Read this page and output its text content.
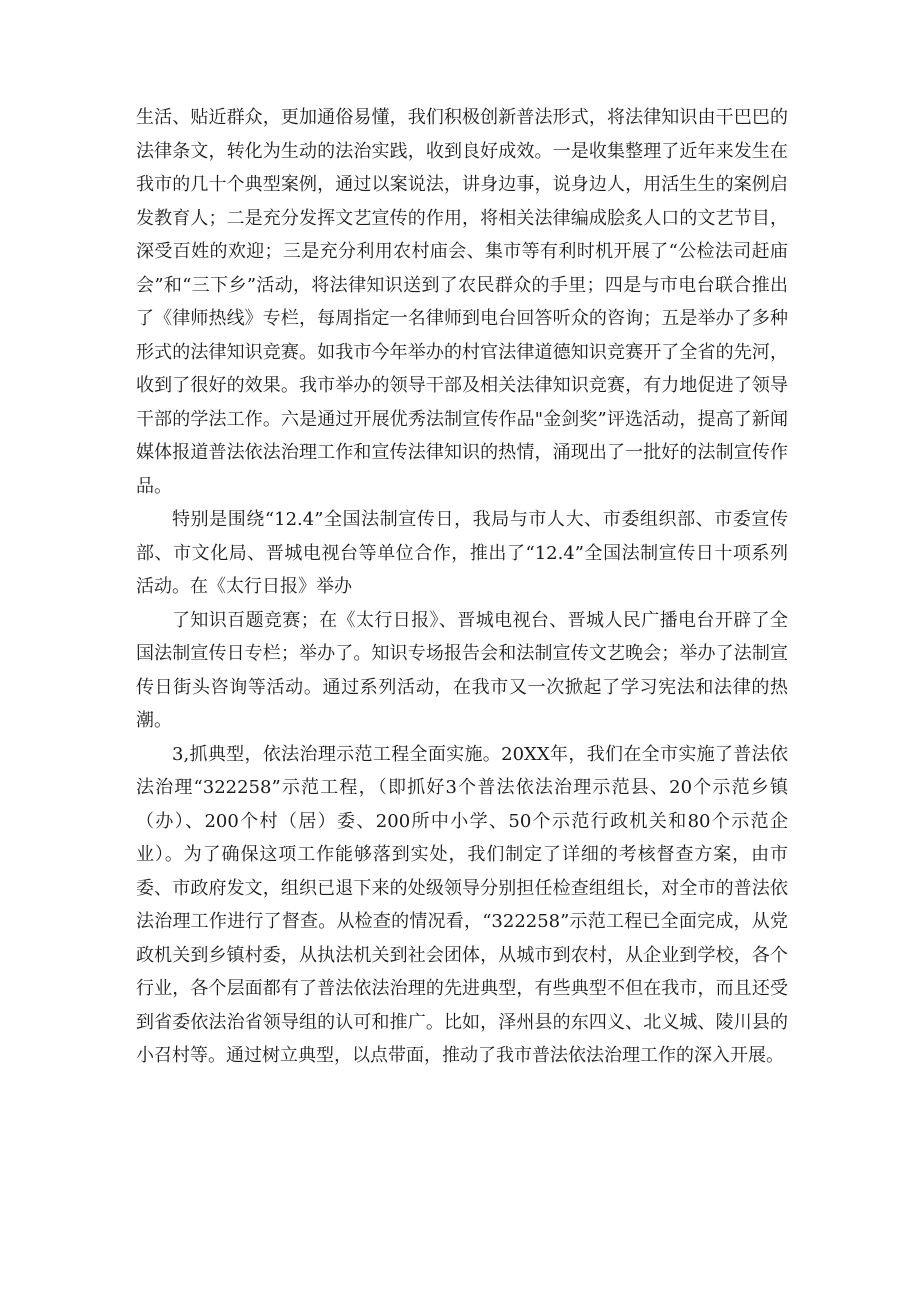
生活、贴近群众，更加通俗易懂，我们积极创新普法形式，将法律知识由干巴巴的法律条文，转化为生动的法治实践，收到良好成效。一是收集整理了近年来发生在我市的几十个典型案例，通过以案说法，讲身边事，说身边人，用活生生的案例启发教育人；二是充分发挥文艺宣传的作用，将相关法律编成脍炙人口的文艺节目，深受百姓的欢迎；三是充分利用农村庙会、集市等有利时机开展了“公检法司赶庙会”和“三下乡”活动，将法律知识送到了农民群众的手里；四是与市电台联合推出了《律师热线》专栏，每周指定一名律师到电台回答听众的咨询；五是举办了多种形式的法律知识竞赛。如我市今年举办的村官法律道德知识竞赛开了全省的先河，收到了很好的效果。我市举办的领导干部及相关法律知识竞赛，有力地促进了领导干部的学法工作。六是通过开展优秀法制宣传作品"金剑奖”评选活动，提高了新闻媒体报道普法依法治理工作和宣传法律知识的热情，涌现出了一批好的法制宣传作品。

特别是围绕“12.4”全国法制宣传日，我局与市人大、市委组织部、市委宣传部、市文化局、晋城电视台等单位合作，推出了“12.4”全国法制宣传日十项系列活动。在《太行日报》举办

了知识百题竞赛；在《太行日报》、晋城电视台、晋城人民广播电台开辟了全国法制宣传日专栏；举办了。知识专场报告会和法制宣传文艺晚会；举办了法制宣传日街头咨询等活动。通过系列活动，在我市又一次掀起了学习宪法和法律的热潮。

3,抓典型，依法治理示范工程全面实施。20XX年，我们在全市实施了普法依法治理“322258”示范工程，（即抓好3个普法依法治理示范县、20个示范乡镇（办）、200个村（居）委、200所中小学、50个示范行政机关和80个示范企业）。为了确保这项工作能够落到实处，我们制定了详细的考核督查方案，由市委、市政府发文，组织已退下来的处级领导分别担任检查组组长，对全市的普法依法治理工作进行了督查。从检查的情况看，“322258”示范工程已全面完成，从党政机关到乡镇村委，从执法机关到社会团体，从城市到农村，从企业到学校，各个行业，各个层面都有了普法依法治理的先进典型，有些典型不但在我市，而且还受到省委依法治省领导组的认可和推广。比如，泽州县的东四义、北义城、陵川县的小召村等。通过树立典型，以点带面，推动了我市普法依法治理工作的深入开展。
